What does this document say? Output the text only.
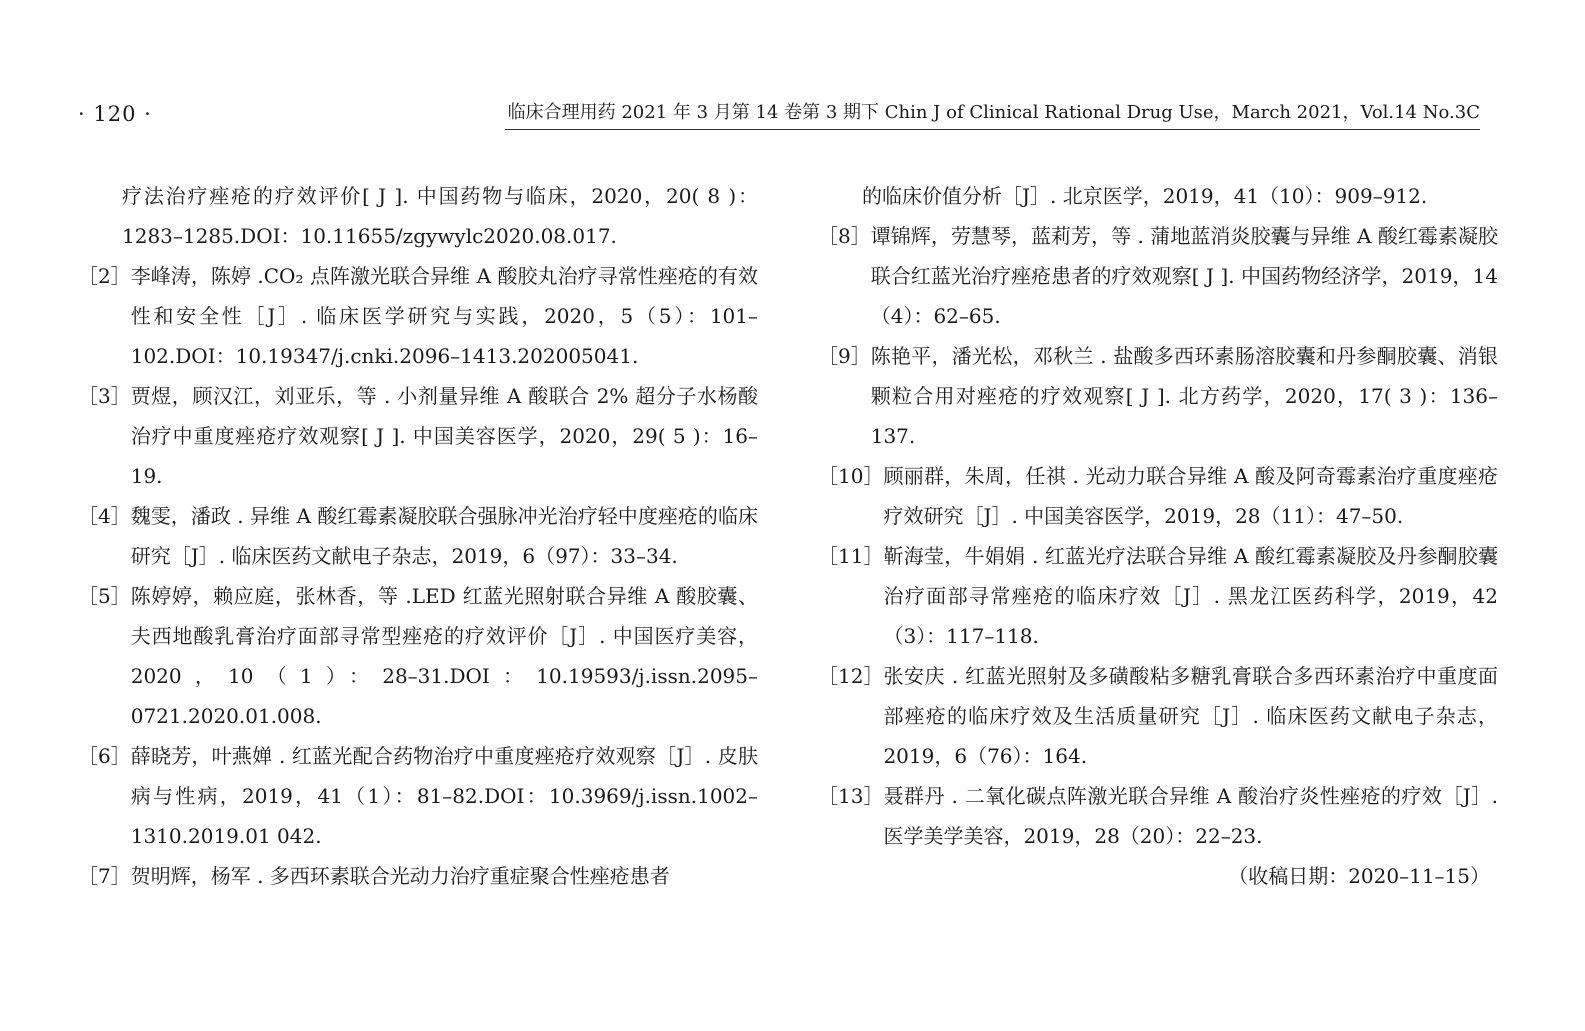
· 120 ·	临床合理用药 2021 年 3 月第 14 卷第 3 期下 Chin J of Clinical Rational Drug Use，March 2021，Vol.14 No.3C
疗法治疗痤疮的疗效评价[ J ]. 中国药物与临床，2020，20( 8 )：1283–1285.DOI：10.11655/zgywylc2020.08.017.
［2］ 李峰涛，陈婷 .CO₂ 点阵激光联合异维 A 酸胶丸治疗寻常性痤疮的有效性和安全性［J］. 临床医学研究与实践，2020，5（5）：101–102.DOI：10.19347/j.cnki.2096–1413.202005041.
［3］ 贾煜，顾汉江，刘亚乐，等 . 小剂量异维 A 酸联合 2% 超分子水杨酸治疗中重度痤疮疗效观察[ J ]. 中国美容医学，2020，29( 5 )：16–19.
［4］ 魏雯，潘政 . 异维 A 酸红霉素凝胶联合强脉冲光治疗轻中度痤疮的临床研究［J］. 临床医药文献电子杂志，2019，6（97）：33–34.
［5］ 陈婷婷，赖应庭，张林香，等 .LED 红蓝光照射联合异维 A 酸胶囊、夫西地酸乳膏治疗面部寻常型痤疮的疗效评价［J］. 中国医疗美容，2020，10（1）：28–31.DOI：10.19593/j.issn.2095–0721.2020.01.008.
［6］ 薛晓芳，叶燕婵 . 红蓝光配合药物治疗中重度痤疮疗效观察［J］. 皮肤病与性病，2019，41（1）：81–82.DOI：10.3969/j.issn.1002–1310.2019.01 042.
［7］ 贺明辉，杨军 . 多西环素联合光动力治疗重症聚合性痤疮患者
的临床价值分析［J］. 北京医学，2019，41（10）：909–912.
［8］ 谭锦辉，劳慧琴，蓝莉芳，等 . 蒲地蓝消炎胶囊与异维 A 酸红霉素凝胶联合红蓝光治疗痤疮患者的疗效观察[ J ]. 中国药物经济学，2019，14（4）：62–65.
［9］ 陈艳平，潘光松，邓秋兰 . 盐酸多西环素肠溶胶囊和丹参酮胶囊、消银颗粒合用对痤疮的疗效观察[ J ]. 北方药学，2020，17( 3 )：136–137.
［10］ 顾丽群，朱周，任祺 . 光动力联合异维 A 酸及阿奇霉素治疗重度痤疮疗效研究［J］. 中国美容医学，2019，28（11）：47–50.
［11］ 靳海莹，牛娟娟 . 红蓝光疗法联合异维 A 酸红霉素凝胶及丹参酮胶囊治疗面部寻常痤疮的临床疗效［J］. 黑龙江医药科学，2019，42（3）：117–118.
［12］ 张安庆 . 红蓝光照射及多磺酸粘多糖乳膏联合多西环素治疗中重度面部痤疮的临床疗效及生活质量研究［J］. 临床医药文献电子杂志，2019，6（76）：164.
［13］ 聂群丹 . 二氧化碳点阵激光联合异维 A 酸治疗炎性痤疮的疗效［J］. 医学美学美容，2019，28（20）：22–23.
（收稿日期：2020–11–15）
